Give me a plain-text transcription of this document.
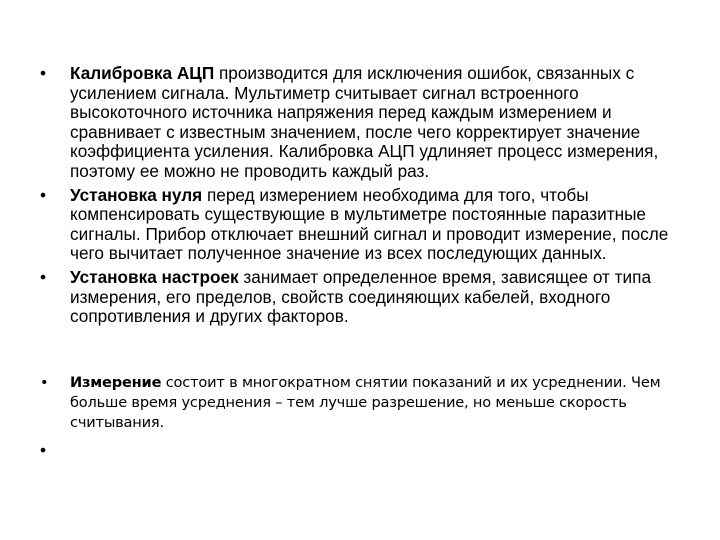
• Калибровка АЦП производится для исключения ошибок, связанных с усилением сигнала. Мультиметр считывает сигнал встроенного высокоточного источника напряжения перед каждым измерением и сравнивает с известным значением, после чего корректирует значение коэффициента усиления. Калибровка АЦП удлиняет процесс измерения, поэтому ее можно не проводить каждый раз.
• Установка нуля перед измерением необходима для того, чтобы компенсировать существующие в мультиметре постоянные паразитные сигналы. Прибор отключает внешний сигнал и проводит измерение, после чего вычитает полученное значение из всех последующих данных.
• Установка настроек занимает определенное время, зависящее от типа измерения, его пределов, свойств соединяющих кабелей, входного сопротивления и других факторов.
• Измерение состоит в многократном снятии показаний и их усреднении. Чем больше время усреднения – тем лучше разрешение, но меньше скорость считывания.
•
